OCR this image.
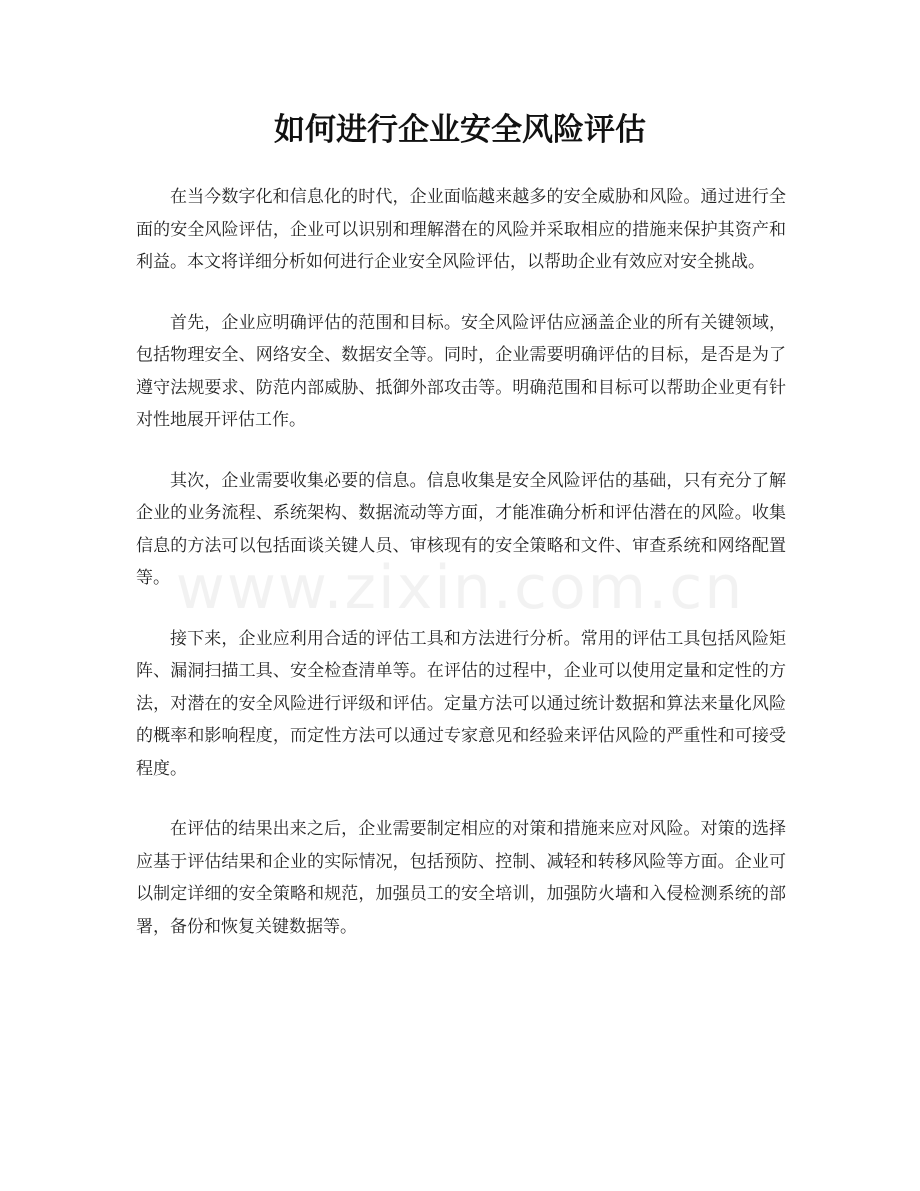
如何进行企业安全风险评估

在当今数字化和信息化的时代，企业面临越来越多的安全威胁和风险。通过进行全面的安全风险评估，企业可以识别和理解潜在的风险并采取相应的措施来保护其资产和利益。本文将详细分析如何进行企业安全风险评估，以帮助企业有效应对安全挑战。

首先，企业应明确评估的范围和目标。安全风险评估应涵盖企业的所有关键领域，包括物理安全、网络安全、数据安全等。同时，企业需要明确评估的目标，是否是为了遵守法规要求、防范内部威胁、抵御外部攻击等。明确范围和目标可以帮助企业更有针对性地展开评估工作。

其次，企业需要收集必要的信息。信息收集是安全风险评估的基础，只有充分了解企业的业务流程、系统架构、数据流动等方面，才能准确分析和评估潜在的风险。收集信息的方法可以包括面谈关键人员、审核现有的安全策略和文件、审查系统和网络配置等。

接下来，企业应利用合适的评估工具和方法进行分析。常用的评估工具包括风险矩阵、漏洞扫描工具、安全检查清单等。在评估的过程中，企业可以使用定量和定性的方法，对潜在的安全风险进行评级和评估。定量方法可以通过统计数据和算法来量化风险的概率和影响程度，而定性方法可以通过专家意见和经验来评估风险的严重性和可接受程度。

在评估的结果出来之后，企业需要制定相应的对策和措施来应对风险。对策的选择应基于评估结果和企业的实际情况，包括预防、控制、减轻和转移风险等方面。企业可以制定详细的安全策略和规范，加强员工的安全培训，加强防火墙和入侵检测系统的部署，备份和恢复关键数据等。

www.zixin.com.cn
